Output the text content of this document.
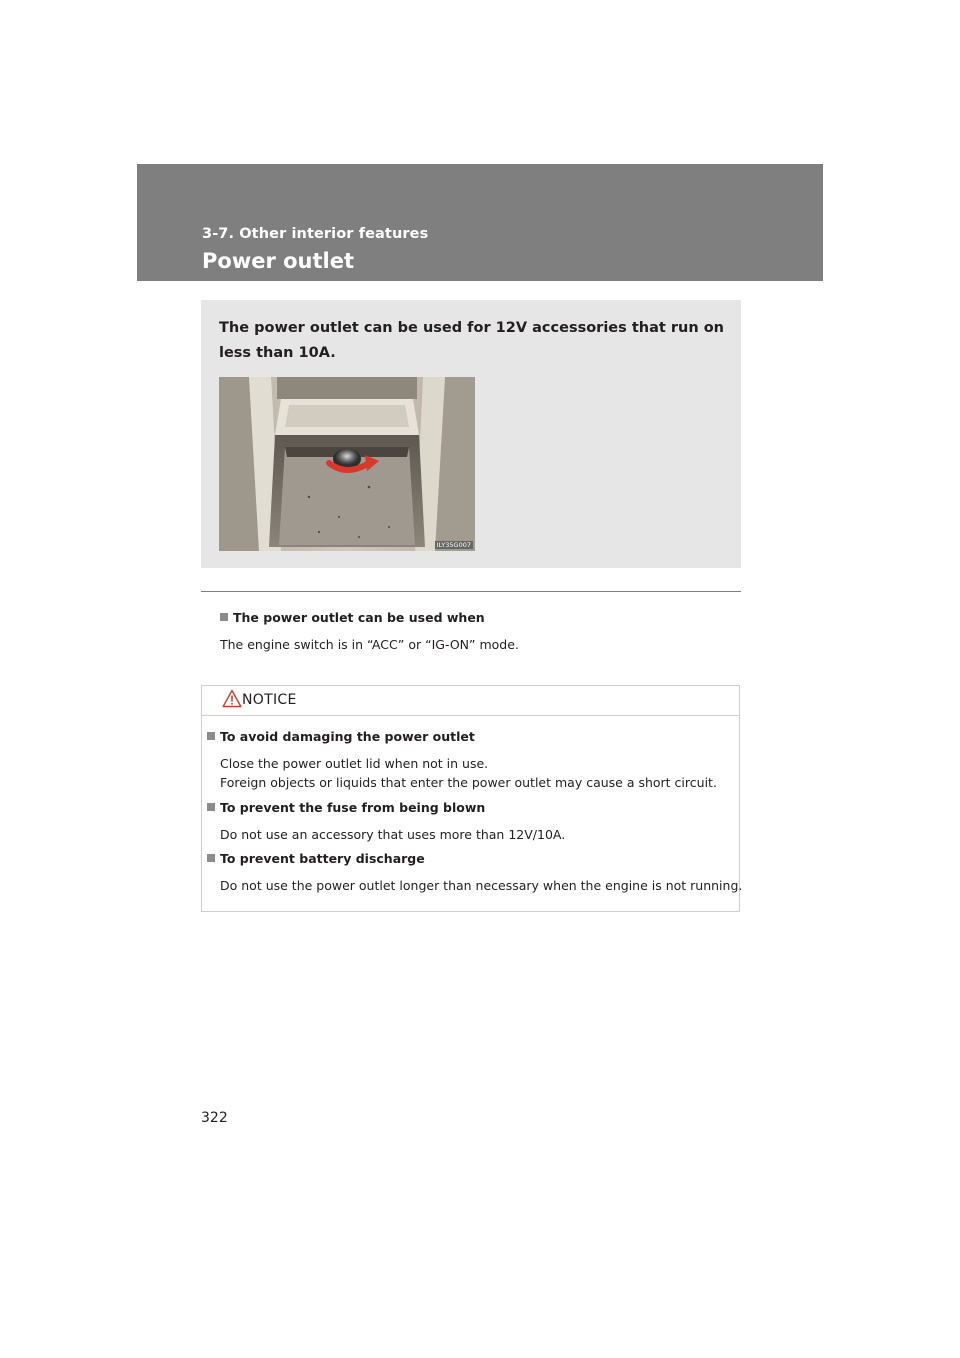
3-7. Other interior features
Power outlet
The power outlet can be used for 12V accessories that run on less than 10A.
ILY35G007
The power outlet can be used when
The engine switch is in “ACC” or “IG-ON” mode.
NOTICE
To avoid damaging the power outlet
Close the power outlet lid when not in use.
Foreign objects or liquids that enter the power outlet may cause a short circuit.
To prevent the fuse from being blown
Do not use an accessory that uses more than 12V/10A.
To prevent battery discharge
Do not use the power outlet longer than necessary when the engine is not running.
322
